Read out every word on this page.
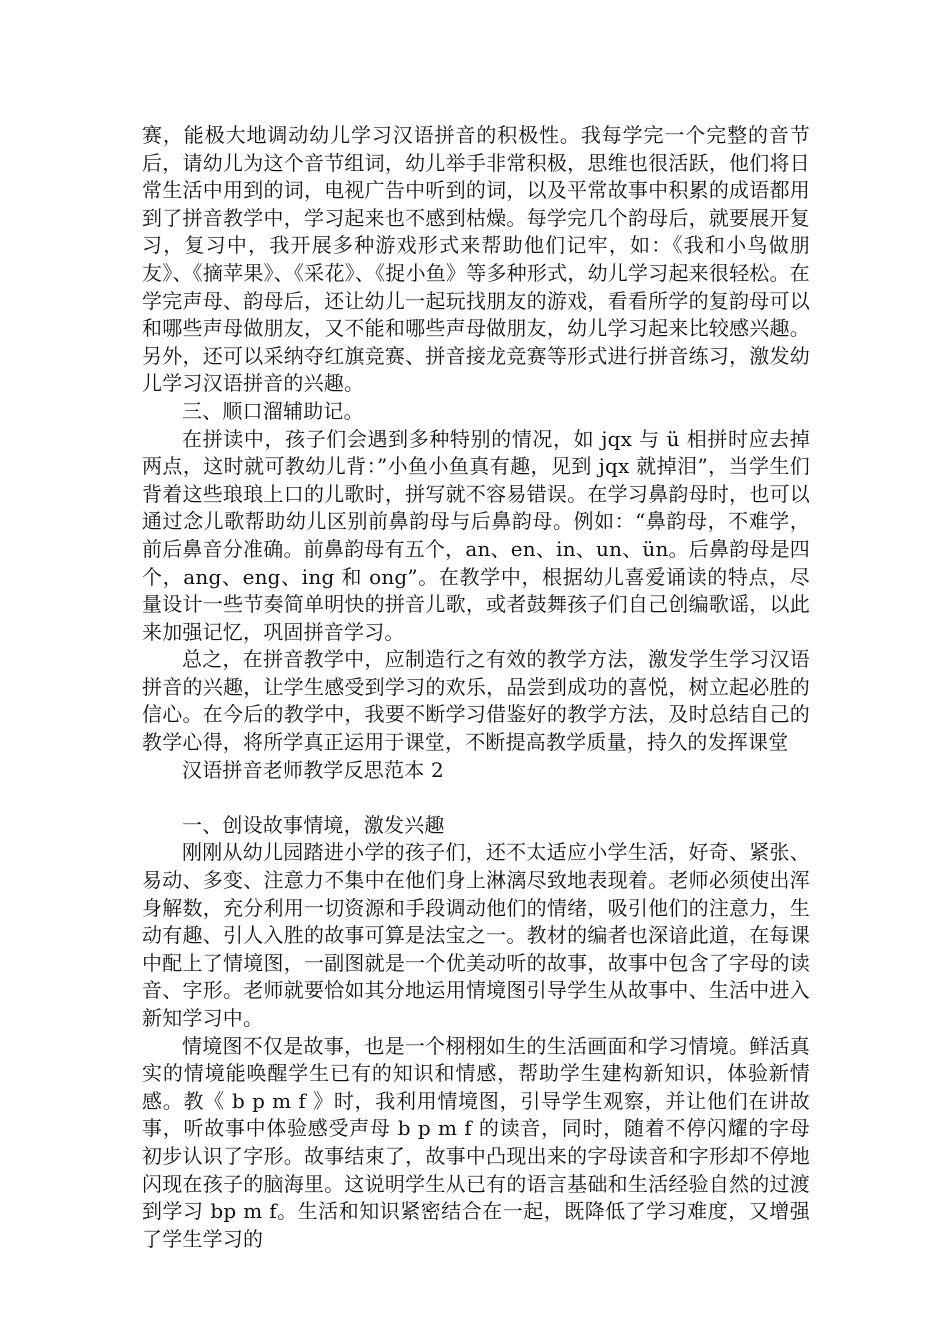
赛，能极大地调动幼儿学习汉语拼音的积极性。我每学完一个完整的音节后，请幼儿为这个音节组词，幼儿举手非常积极，思维也很活跃，他们将日常生活中用到的词，电视广告中听到的词，以及平常故事中积累的成语都用到了拼音教学中，学习起来也不感到枯燥。每学完几个韵母后，就要展开复习，复习中，我开展多种游戏形式来帮助他们记牢，如：《我和小鸟做朋友》、《摘苹果》、《采花》、《捉小鱼》等多种形式，幼儿学习起来很轻松。在学完声母、韵母后，还让幼儿一起玩找朋友的游戏，看看所学的复韵母可以和哪些声母做朋友，又不能和哪些声母做朋友，幼儿学习起来比较感兴趣。另外，还可以采纳夺红旗竞赛、拼音接龙竞赛等形式进行拼音练习，激发幼儿学习汉语拼音的兴趣。

三、顺口溜辅助记。

在拼读中，孩子们会遇到多种特别的情况，如 jqx 与 ü 相拼时应去掉两点，这时就可教幼儿背：”小鱼小鱼真有趣，见到 jqx 就掉泪”，当学生们背着这些琅琅上口的儿歌时，拼写就不容易错误。在学习鼻韵母时，也可以通过念儿歌帮助幼儿区别前鼻韵母与后鼻韵母。例如：“鼻韵母，不难学，前后鼻音分准确。前鼻韵母有五个，an、en、in、un、ün。后鼻韵母是四个，ang、eng、ing 和 ong”。在教学中，根据幼儿喜爱诵读的特点，尽量设计一些节奏简单明快的拼音儿歌，或者鼓舞孩子们自己创编歌谣，以此来加强记忆，巩固拼音学习。

总之，在拼音教学中，应制造行之有效的教学方法，激发学生学习汉语拼音的兴趣，让学生感受到学习的欢乐，品尝到成功的喜悦，树立起必胜的信心。在今后的教学中，我要不断学习借鉴好的教学方法，及时总结自己的教学心得，将所学真正运用于课堂，不断提高教学质量，持久的发挥课堂

汉语拼音老师教学反思范本 2

一、创设故事情境，激发兴趣

刚刚从幼儿园踏进小学的孩子们，还不太适应小学生活，好奇、紧张、易动、多变、注意力不集中在他们身上淋漓尽致地表现着。老师必须使出浑身解数，充分利用一切资源和手段调动他们的情绪，吸引他们的注意力，生动有趣、引人入胜的故事可算是法宝之一。教材的编者也深谙此道，在每课中配上了情境图，一副图就是一个优美动听的故事，故事中包含了字母的读音、字形。老师就要恰如其分地运用情境图引导学生从故事中、生活中进入新知学习中。

情境图不仅是故事，也是一个栩栩如生的生活画面和学习情境。鲜活真实的情境能唤醒学生已有的知识和情感，帮助学生建构新知识，体验新情感。教《 b p m f 》时，我利用情境图，引导学生观察，并让他们在讲故事，听故事中体验感受声母 b p m f 的读音，同时，随着不停闪耀的字母初步认识了字形。故事结束了，故事中凸现出来的字母读音和字形却不停地闪现在孩子的脑海里。这说明学生从已有的语言基础和生活经验自然的过渡到学习 bp m f。生活和知识紧密结合在一起，既降低了学习难度，又增强了学生学习的
